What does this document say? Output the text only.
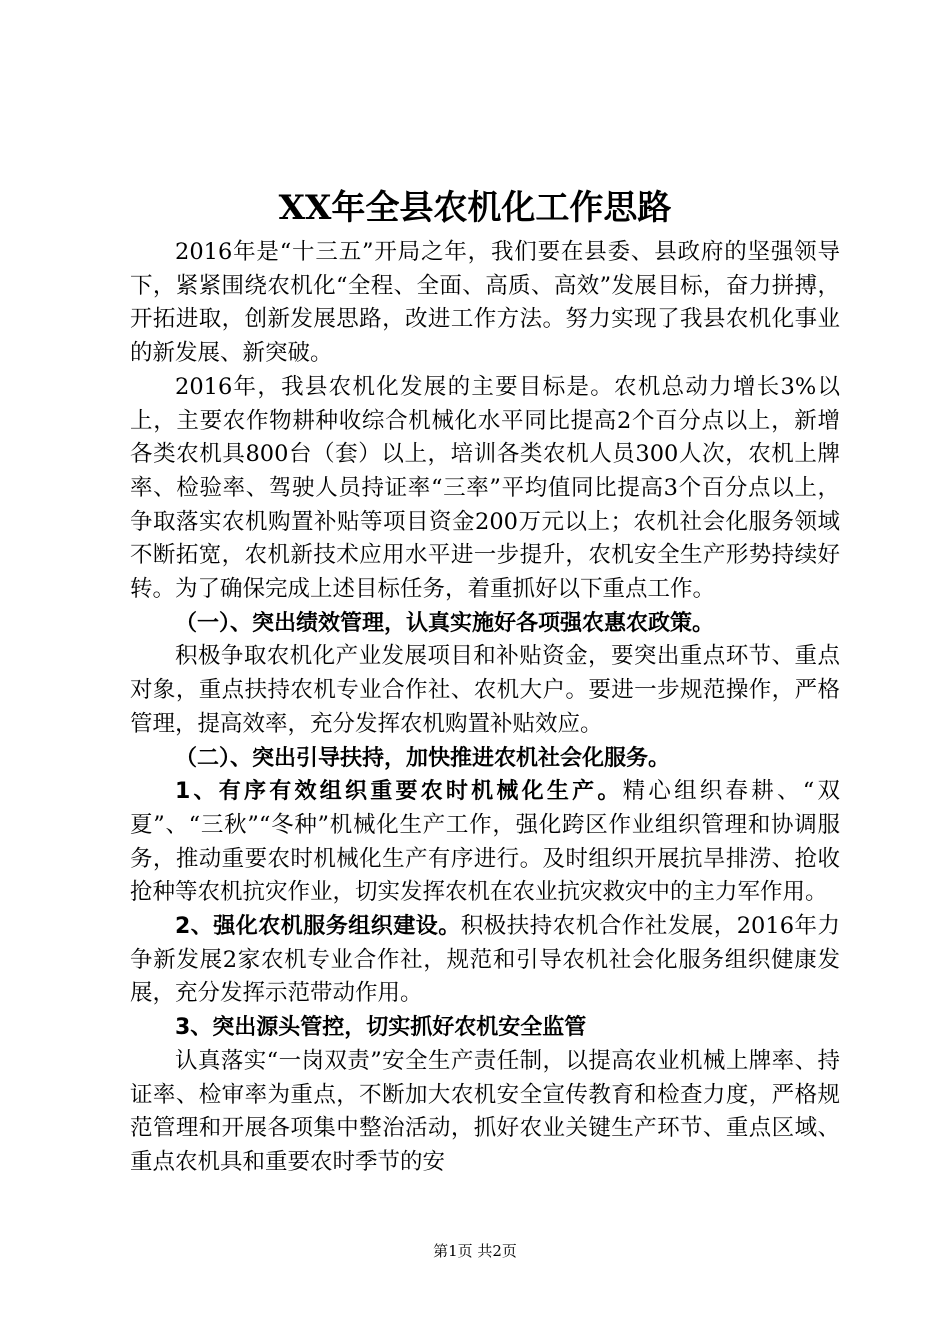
XX年全县农机化工作思路

2016年是“十三五”开局之年，我们要在县委、县政府的坚强领导下，紧紧围绕农机化“全程、全面、高质、高效”发展目标，奋力拼搏，开拓进取，创新发展思路，改进工作方法。努力实现了我县农机化事业的新发展、新突破。

2016年，我县农机化发展的主要目标是。农机总动力增长3%以上，主要农作物耕种收综合机械化水平同比提高2个百分点以上，新增各类农机具800台（套）以上，培训各类农机人员300人次，农机上牌率、检验率、驾驶人员持证率“三率”平均值同比提高3个百分点以上，争取落实农机购置补贴等项目资金200万元以上；农机社会化服务领域不断拓宽，农机新技术应用水平进一步提升，农机安全生产形势持续好转。为了确保完成上述目标任务，着重抓好以下重点工作。

（一）、突出绩效管理，认真实施好各项强农惠农政策。

积极争取农机化产业发展项目和补贴资金，要突出重点环节、重点对象，重点扶持农机专业合作社、农机大户。要进一步规范操作，严格管理，提高效率，充分发挥农机购置补贴效应。

（二）、突出引导扶持，加快推进农机社会化服务。

1、有序有效组织重要农时机械化生产。精心组织春耕、“双夏”、“三秋”“冬种”机械化生产工作，强化跨区作业组织管理和协调服务，推动重要农时机械化生产有序进行。及时组织开展抗旱排涝、抢收抢种等农机抗灾作业，切实发挥农机在农业抗灾救灾中的主力军作用。

2、强化农机服务组织建设。积极扶持农机合作社发展，2016年力争新发展2家农机专业合作社，规范和引导农机社会化服务组织健康发展，充分发挥示范带动作用。

3、突出源头管控，切实抓好农机安全监管

认真落实“一岗双责”安全生产责任制，以提高农业机械上牌率、持证率、检审率为重点，不断加大农机安全宣传教育和检查力度，严格规范管理和开展各项集中整治活动，抓好农业关键生产环节、重点区域、重点农机具和重要农时季节的安

第1页 共2页
